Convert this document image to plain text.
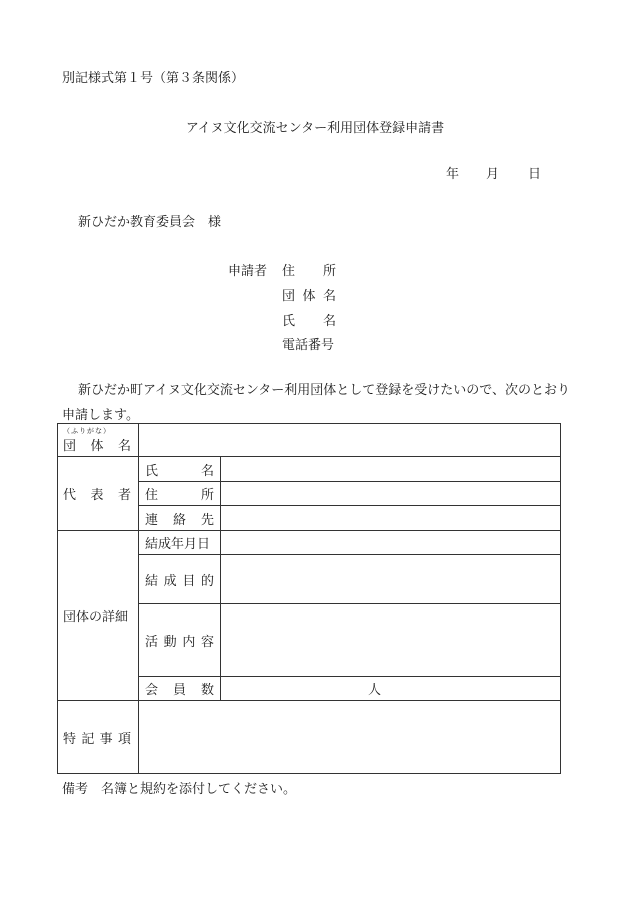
別記様式第１号（第３条関係）
アイヌ文化交流センター利用団体登録申請書
年 月 日
新ひだか教育委員会　様
申請者 住 所
団 体 名
氏 名
電話番号
新ひだか町アイヌ文化交流センター利用団体として登録を受けたいので、次のとおり申請します。
（ふりがな）
団 体 名		

代 表 者	氏 名	

	住 所	

	連 絡 先	

団体の詳細	結成年月日	

	結 成 目 的	

	活 動 内 容	

	会 員 数	人

特 記 事 項		

備考　名簿と規約を添付してください。
